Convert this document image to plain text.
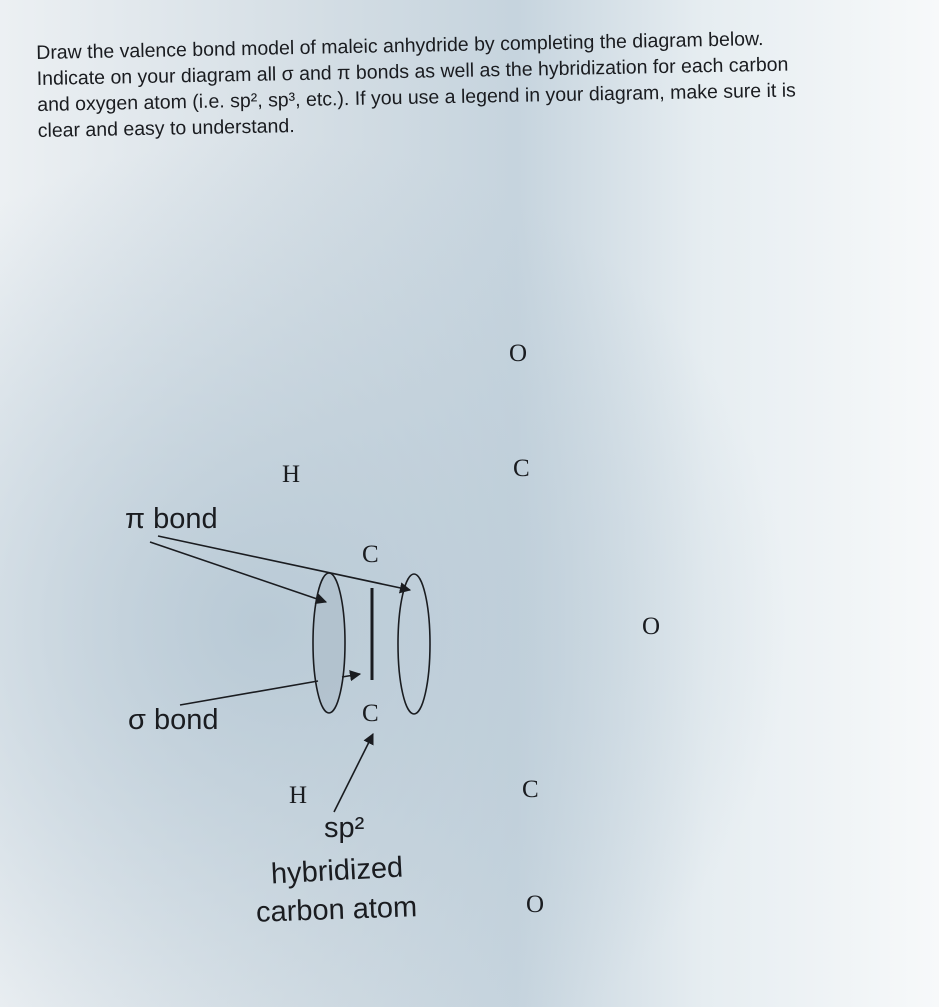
Draw the valence bond model of maleic anhydride by completing the diagram below.
Indicate on your diagram all σ and π bonds as well as the hybridization for each carbon
and oxygen atom (i.e. sp², sp³, etc.). If you use a legend in your diagram, make sure it is
clear and easy to understand.
O
C
H
C
O
C
H	C
O
π bond
σ bond
sp²
hybridized
carbon atom
